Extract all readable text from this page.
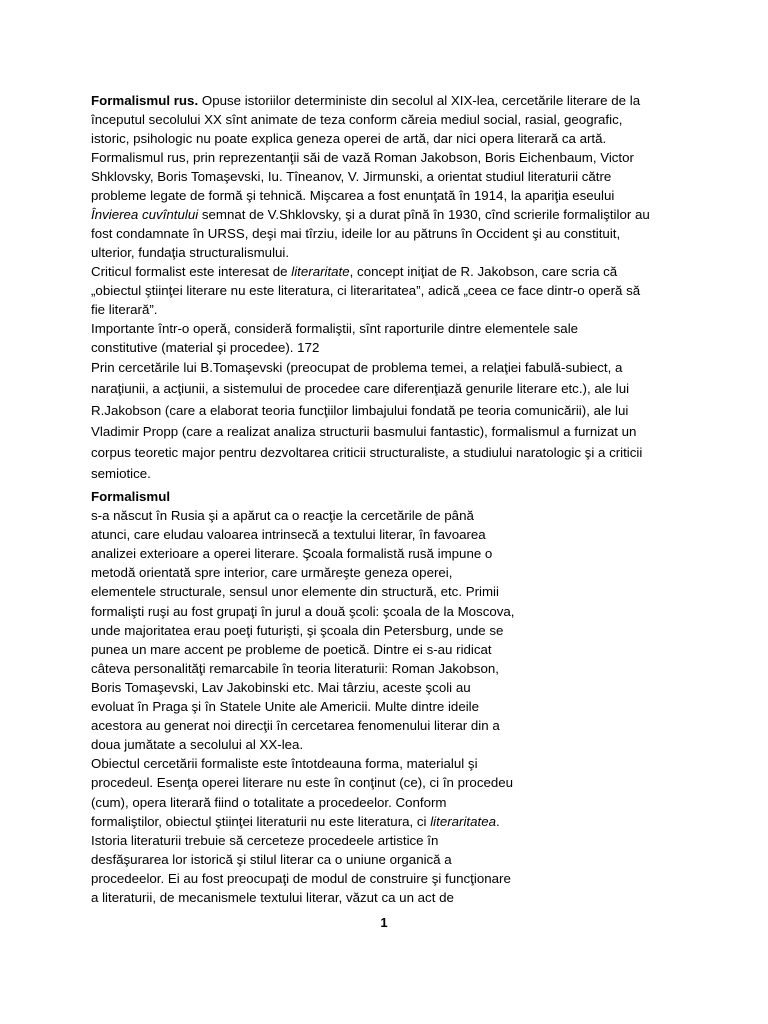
Formalismul rus. Opuse istoriilor deterministe din secolul al XIX-lea, cercetările literare de la
începutul secolului XX sînt animate de teza conform căreia mediul social, rasial, geografic,
istoric, psihologic nu poate explica geneza operei de artă, dar nici opera literară ca artă.
Formalismul rus, prin reprezentanţii săi de vază Roman Jakobson, Boris Eichenbaum, Victor
Shklovsky, Boris Tomaşevski, Iu. Tîneanov, V. Jirmunski, a orientat studiul literaturii către
probleme legate de formă şi tehnică. Mişcarea a fost enunţată în 1914, la apariţia eseului
Învierea cuvîntului semnat de V.Shklovsky, şi a durat pînă în 1930, cînd scrierile formaliştilor au
fost condamnate în URSS, deşi mai tîrziu, ideile lor au pătruns în Occident şi au constituit,
ulterior, fundaţia structuralismului.
Criticul formalist este interesat de literaritate, concept iniţiat de R. Jakobson, care scria că
„obiectul ştiinţei literare nu este literatura, ci literaritatea”, adică „ceea ce face dintr-o operă să
fie literară”.
Importante într-o operă, consideră formaliştii, sînt raporturile dintre elementele sale
constitutive (material şi procedee). 172
Prin cercetările lui B.Tomaşevski (preocupat de problema temei, a relaţiei fabulă-subiect, a
naraţiunii, a acţiunii, a sistemului de procedee care diferenţiază genurile literare etc.), ale lui
R.Jakobson (care a elaborat teoria funcţiilor limbajului fondată pe teoria comunicării), ale lui
Vladimir Propp (care a realizat analiza structurii basmului fantastic), formalismul a furnizat un
corpus teoretic major pentru dezvoltarea criticii structuraliste, a studiului naratologic şi a criticii
semiotice.
Formalismul
s-a născut în Rusia şi a apărut ca o reacţie la cercetările de până
atunci, care eludau valoarea intrinsecă a textului literar, în favoarea
analizei exterioare a operei literare. Şcoala formalistă rusă impune o
metodă orientată spre interior, care urmăreşte geneza operei,
elementele structurale, sensul unor elemente din structură, etc. Primii
formalişti ruşi au fost grupaţi în jurul a două şcoli: şcoala de la Moscova,
unde majoritatea erau poeţi futurişti, şi şcoala din Petersburg, unde se
punea un mare accent pe probleme de poetică. Dintre ei s-au ridicat
câteva personalităţi remarcabile în teoria literaturii: Roman Jakobson,
Boris Tomaşevski, Lav Jakobinski etc. Mai târziu, aceste şcoli au
evoluat în Praga şi în Statele Unite ale Americii. Multe dintre ideile
acestora au generat noi direcţii în cercetarea fenomenului literar din a
doua jumătate a secolului al XX-lea.
Obiectul cercetării formaliste este întotdeauna forma, materialul şi
procedeul. Esenţa operei literare nu este în conţinut (ce), ci în procedeu
(cum), opera literară fiind o totalitate a procedeelor. Conform
formaliştilor, obiectul ştiinţei literaturii nu este literatura, ci literaritatea.
Istoria literaturii trebuie să cerceteze procedeele artistice în
desfăşurarea lor istorică şi stilul literar ca o uniune organică a
procedeelor. Ei au fost preocupaţi de modul de construire şi funcţionare
a literaturii, de mecanismele textului literar, văzut ca un act de
1
